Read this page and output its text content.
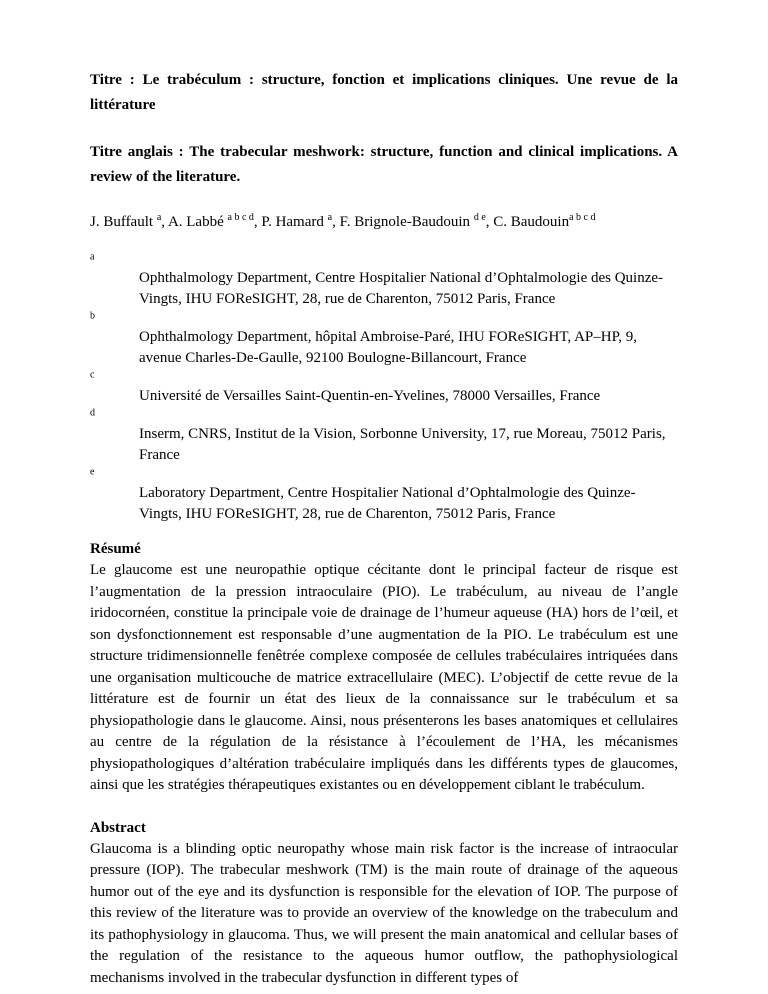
Titre : Le trabéculum : structure, fonction et implications cliniques. Une revue de la littérature

Titre anglais : The trabecular meshwork: structure, function and clinical implications. A review of the literature.

J. Buffault $^a$, A. Labbé $^{a b c d}$, P. Hamard $^a$, F. Brignole-Baudouin $^{d e}$, C. Baudouin$^{a b c d}$

$^a$
Ophthalmology Department, Centre Hospitalier National d’Ophtalmologie des Quinze-Vingts, IHU FOReSIGHT, 28, rue de Charenton, 75012 Paris, France
$^b$
Ophthalmology Department, hôpital Ambroise-Paré, IHU FOReSIGHT, AP–HP, 9, avenue Charles-De-Gaulle, 92100 Boulogne-Billancourt, France
$^c$
Université de Versailles Saint-Quentin-en-Yvelines, 78000 Versailles, France
$^d$
Inserm, CNRS, Institut de la Vision, Sorbonne University, 17, rue Moreau, 75012 Paris, France
$^e$
Laboratory Department, Centre Hospitalier National d’Ophtalmologie des Quinze-Vingts, IHU FOReSIGHT, 28, rue de Charenton, 75012 Paris, France

Résumé

Le glaucome est une neuropathie optique cécitante dont le principal facteur de risque est l’augmentation de la pression intraoculaire (PIO). Le trabéculum, au niveau de l’angle iridocornéen, constitue la principale voie de drainage de l’humeur aqueuse (HA) hors de l’œil, et son dysfonctionnement est responsable d’une augmentation de la PIO. Le trabéculum est une structure tridimensionnelle fenêtrée complexe composée de cellules trabéculaires intriquées dans une organisation multicouche de matrice extracellulaire (MEC). L’objectif de cette revue de la littérature est de fournir un état des lieux de la connaissance sur le trabéculum et sa physiopathologie dans le glaucome. Ainsi, nous présenterons les bases anatomiques et cellulaires au centre de la régulation de la résistance à l’écoulement de l’HA, les mécanismes physiopathologiques d’altération trabéculaire impliqués dans les différents types de glaucomes, ainsi que les stratégies thérapeutiques existantes ou en développement ciblant le trabéculum.

Abstract

Glaucoma is a blinding optic neuropathy whose main risk factor is the increase of intraocular pressure (IOP). The trabecular meshwork (TM) is the main route of drainage of the aqueous humor out of the eye and its dysfunction is responsible for the elevation of IOP. The purpose of this review of the literature was to provide an overview of the knowledge on the trabeculum and its pathophysiology in glaucoma. Thus, we will present the main anatomical and cellular bases of the regulation of the resistance to the aqueous humor outflow, the pathophysiological mechanisms involved in the trabecular dysfunction in different types of
